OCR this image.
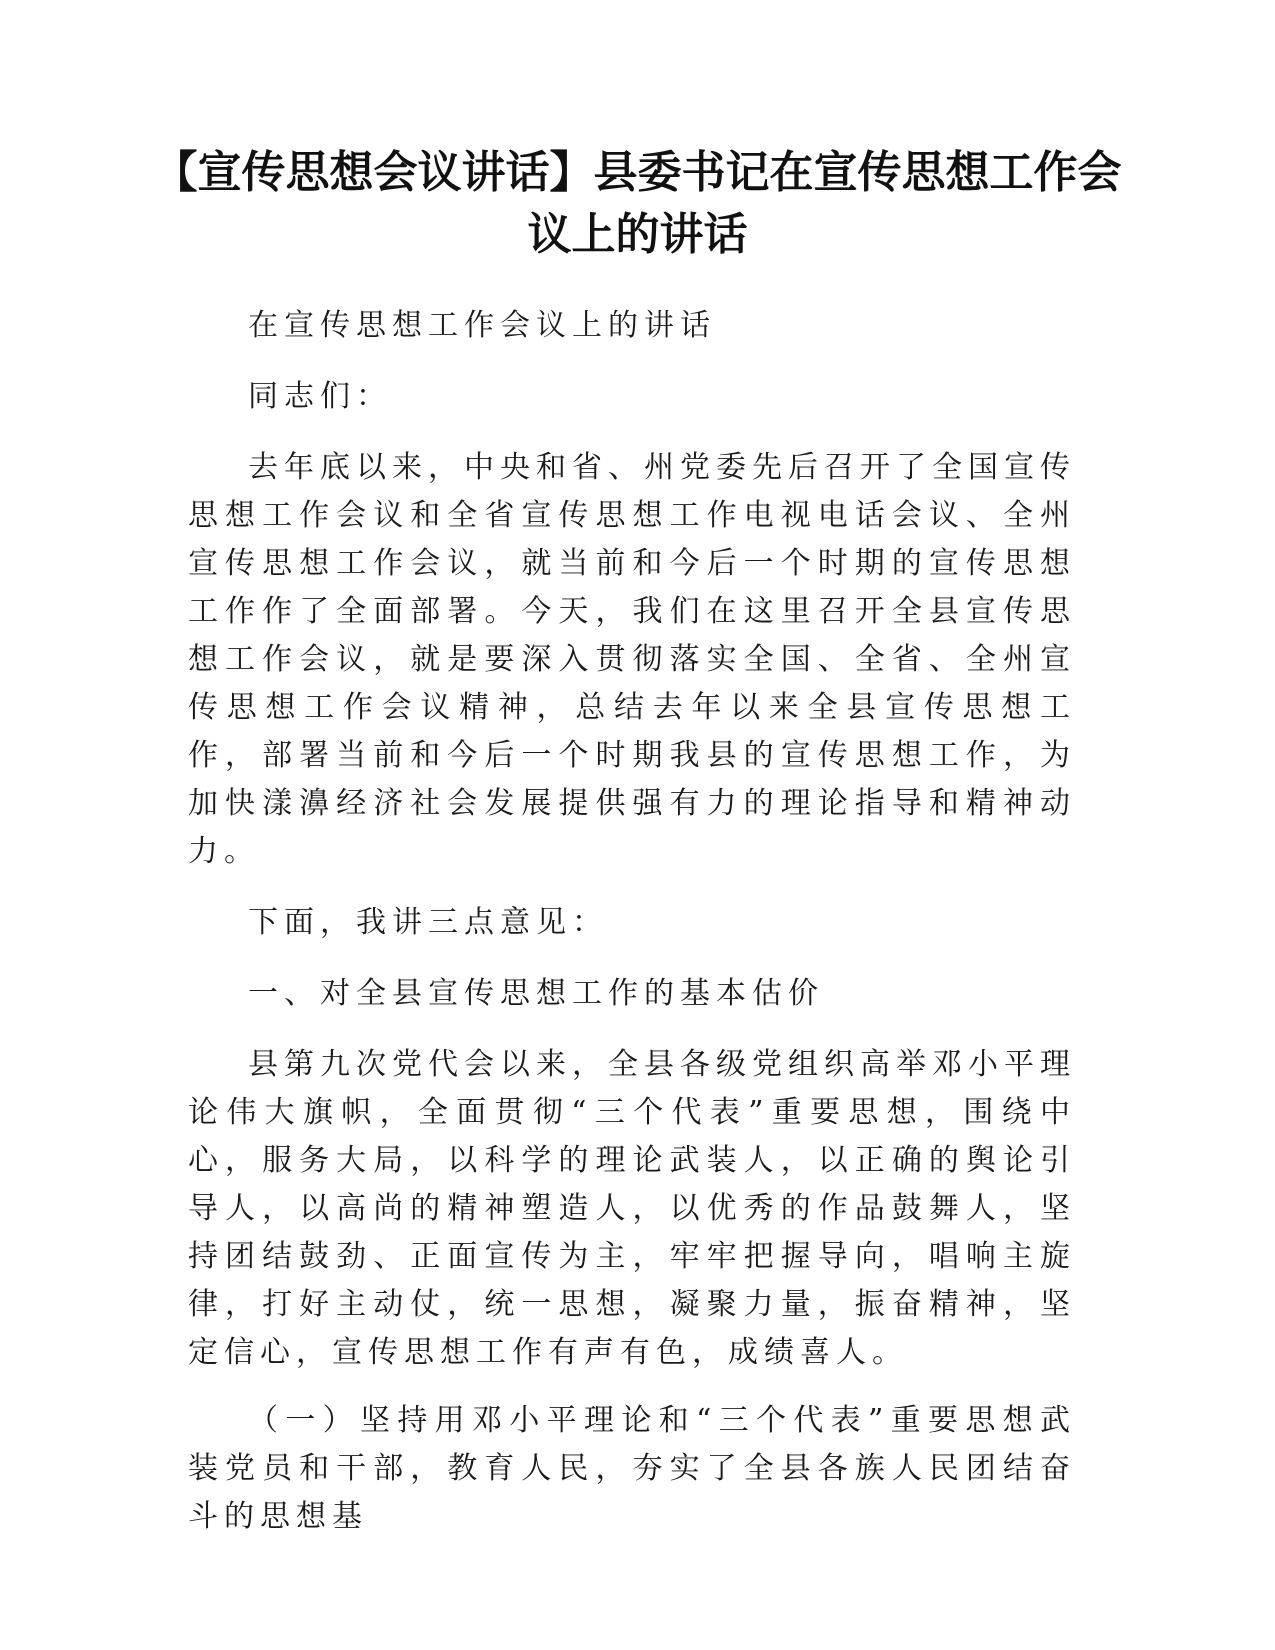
【宣传思想会议讲话】县委书记在宣传思想工作会议上的讲话

在宣传思想工作会议上的讲话

同志们：

去年底以来，中央和省、州党委先后召开了全国宣传思想工作会议和全省宣传思想工作电视电话会议、全州宣传思想工作会议，就当前和今后一个时期的宣传思想工作作了全面部署。今天，我们在这里召开全县宣传思想工作会议，就是要深入贯彻落实全国、全省、全州宣传思想工作会议精神，总结去年以来全县宣传思想工作，部署当前和今后一个时期我县的宣传思想工作，为加快漾濞经济社会发展提供强有力的理论指导和精神动力。

下面，我讲三点意见：

一、对全县宣传思想工作的基本估价

县第九次党代会以来，全县各级党组织高举邓小平理论伟大旗帜，全面贯彻“三个代表”重要思想，围绕中心，服务大局，以科学的理论武装人，以正确的舆论引导人，以高尚的精神塑造人，以优秀的作品鼓舞人，坚持团结鼓劲、正面宣传为主，牢牢把握导向，唱响主旋律，打好主动仗，统一思想，凝聚力量，振奋精神，坚定信心，宣传思想工作有声有色，成绩喜人。

（一）坚持用邓小平理论和“三个代表”重要思想武装党员和干部，教育人民，夯实了全县各族人民团结奋斗的思想基
